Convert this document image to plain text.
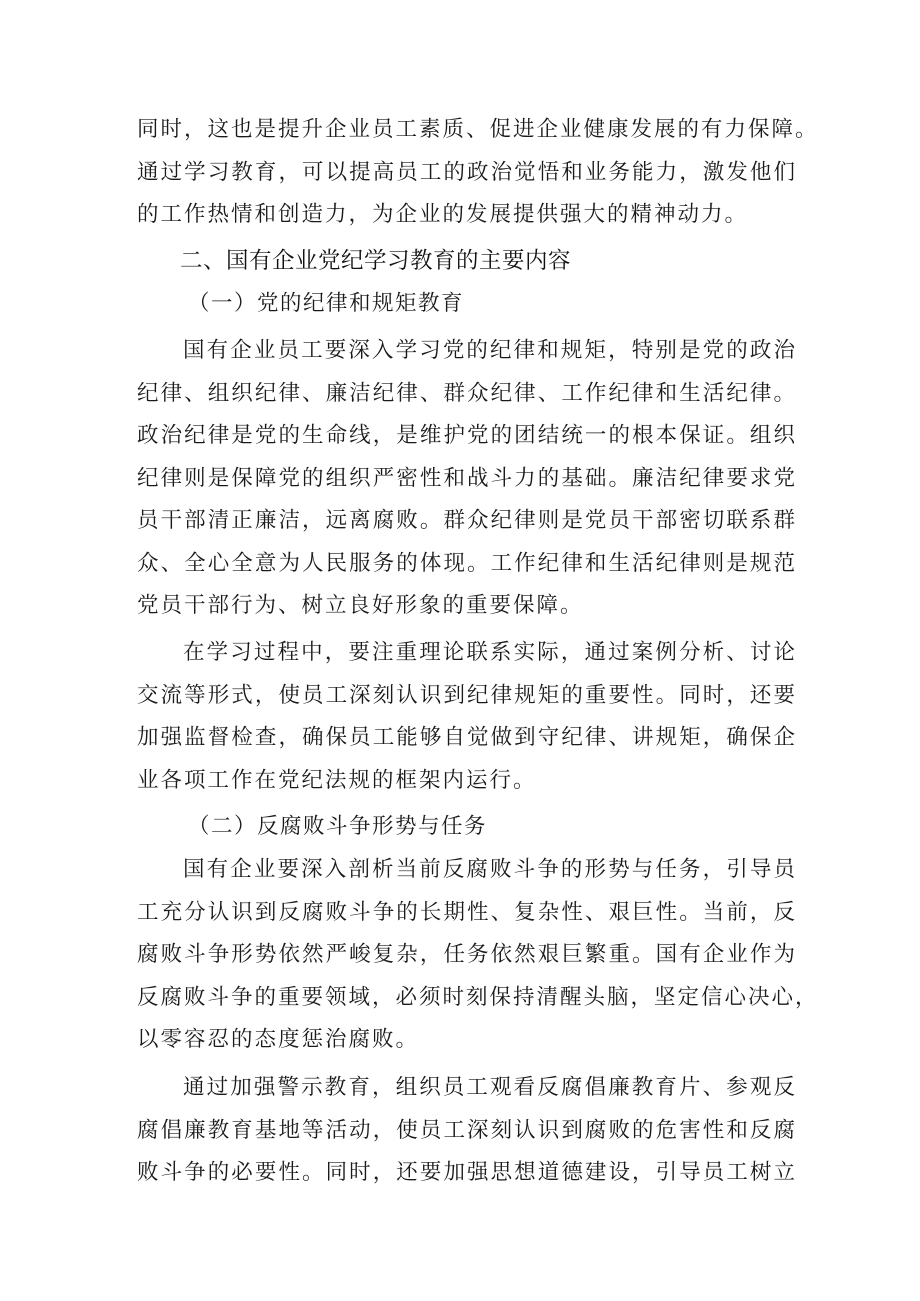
同时，这也是提升企业员工素质、促进企业健康发展的有力保障。
通过学习教育，可以提高员工的政治觉悟和业务能力，激发他们
的工作热情和创造力，为企业的发展提供强大的精神动力。
二、国有企业党纪学习教育的主要内容
（一）党的纪律和规矩教育
国有企业员工要深入学习党的纪律和规矩，特别是党的政治
纪律、组织纪律、廉洁纪律、群众纪律、工作纪律和生活纪律。
政治纪律是党的生命线，是维护党的团结统一的根本保证。组织
纪律则是保障党的组织严密性和战斗力的基础。廉洁纪律要求党
员干部清正廉洁，远离腐败。群众纪律则是党员干部密切联系群
众、全心全意为人民服务的体现。工作纪律和生活纪律则是规范
党员干部行为、树立良好形象的重要保障。
在学习过程中，要注重理论联系实际，通过案例分析、讨论
交流等形式，使员工深刻认识到纪律规矩的重要性。同时，还要
加强监督检查，确保员工能够自觉做到守纪律、讲规矩，确保企
业各项工作在党纪法规的框架内运行。
（二）反腐败斗争形势与任务
国有企业要深入剖析当前反腐败斗争的形势与任务，引导员
工充分认识到反腐败斗争的长期性、复杂性、艰巨性。当前，反
腐败斗争形势依然严峻复杂，任务依然艰巨繁重。国有企业作为
反腐败斗争的重要领域，必须时刻保持清醒头脑，坚定信心决心，
以零容忍的态度惩治腐败。
通过加强警示教育，组织员工观看反腐倡廉教育片、参观反
腐倡廉教育基地等活动，使员工深刻认识到腐败的危害性和反腐
败斗争的必要性。同时，还要加强思想道德建设，引导员工树立
